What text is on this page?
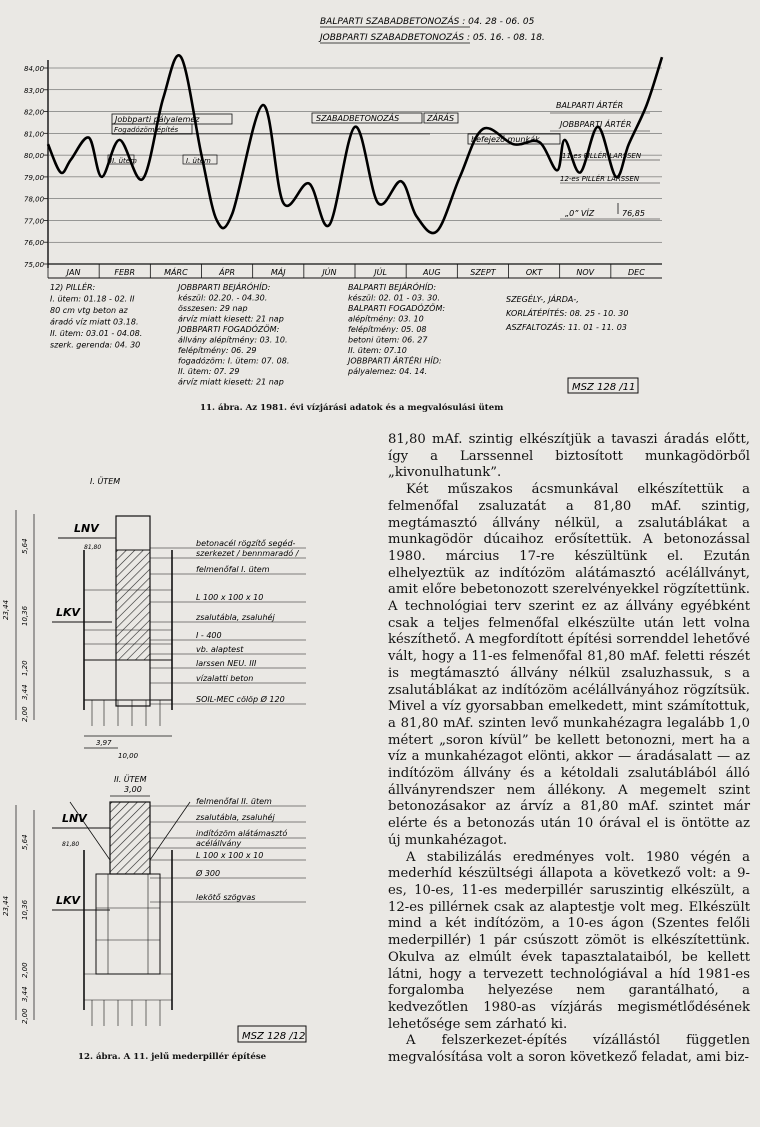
BALPARTI SZABADBETONOZÁS : 04. 28 - 06. 05
JOBBPARTI SZABADBETONOZÁS : 05. 16. - 08. 18.
84,00
83,00
82,00
81,00
80,00
79,00
78,00
77,00
76,00
75,00
JAN	FEBR	MÁRC	ÁPR	MÁJ	JÚN	JÚL	AUG	SZEPT	OKT	NOV	DEC
Jobbparti pályalemez
Fogadózöm építés
SZABADBETONOZÁS	ZÁRÁS
befejező munkák
BALPARTI ÁRTÉR
JOBBPARTI ÁRTÉR
II. ütem	I. ütem
11-es PILLÉR LARSSEN
12-es PILLÉR LARSSEN
„0” VÍZ	76,85
12) PILLÉR:
I. ütem: 01.18 - 02. II
80 cm vtg beton az
áradó víz miatt 03.18.
II. ütem: 03.01 - 04.08.
szerk. gerenda: 04. 30
JOBBPARTI BEJÁRÓHÍD:
készül: 02.20. - 04.30.
összesen: 29 nap
árvíz miatt kiesett: 21 nap
JOBBPARTI FOGADÓZÖM:
állvány alépítmény: 03. 10.
felépítmény: 06. 29
fogadózöm: I. ütem: 07. 08.
II. ütem: 07. 29
árvíz miatt kiesett: 21 nap
BALPARTI BEJÁRÓHÍD:
készül: 02. 01 - 03. 30.
BALPARTI FOGADÓZÖM:
alépítmény: 03. 10
felépítmény: 05. 08
betoni ütem: 06. 27
II. ütem: 07.10
JOBBPARTI ÁRTÉRI HÍD:
pályalemez: 04. 14.
SZEGÉLY-, JÁRDA-,
KORLÁTÉPÍTÉS: 08. 25 - 10. 30
ASZFALTOZÁS: 11. 01 - 11. 03
MSZ 128 /11
11. ábra. Az 1981. évi vízjárási adatok és a megvalósulási ütem
I. ÜTEM
LNV
LKV
81,80
3,97
10,00
5,64
10,36
23,44
1,20
3,44
2,00
betonacél rögzítő segéd-
szerkezet / bennmaradó /
felmenőfal I. ütem
L 100 x 100 x 10
zsalutábla, zsaluhéj
I - 400
vb. alaptest
larssen NEU. III
vízalatti beton
SOIL-MEC cölöp Ø 120
II. ÜTEM
3,00
LNV
81,80
LKV
5,64
10,36
23,44
2,00
3,44
2,00
felmenőfal II. ütem
zsalutábla, zsaluhéj
indítózöm alátámasztó
acélállvány
L 100 x 100 x 10
Ø 300
lekötő szögvas
MSZ 128 /12
12. ábra. A 11. jelű mederpillér építése

81,80 mAf. szintig elkészítjük a tavaszi áradás előtt, így a Larssennel biztosított munkagödörből „kivonulhatunk”.

Két műszakos ácsmunkával elkészítettük a felmenőfal zsaluzatát a 81,80 mAf. szintig, megtámasztó állvány nélkül, a zsalutáblákat a munkagödör dúcaihoz erősítettük. A betonozással 1980. március 17-re készültünk el. Ezután elhelyeztük az indítózöm alátámasztó acélállványt, amit előre bebetonozott szerelvényekkel rögzítettünk. A technológiai terv szerint ez az állvány egyébként csak a teljes felmenőfal elkészülte után lett volna készíthető. A megfordított építési sorrenddel lehetővé vált, hogy a 11-es felmenőfal 81,80 mAf. feletti részét is megtámasztó állvány nélkül zsaluzhassuk, s a zsalutáblákat az indítózöm acélállványához rögzítsük. Mivel a víz gyorsabban emelkedett, mint számítottuk, a 81,80 mAf. szinten levő munkahézagra legalább 1,0 métert „soron kívül” be kellett betonozni, mert ha a víz a munkahézagot elönti, akkor — áradásalatt — az indítózöm állvány és a kétoldali zsalutáblából álló állványrendszer nem állékony. A megemelt szint betonozásakor az árvíz a 81,80 mAf. szintet már elérte és a betonozás után 10 órával el is öntötte az új munkahézagot.

A stabilizálás eredményes volt. 1980 végén a mederhíd készültségi állapota a következő volt: a 9-es, 10-es, 11-es mederpillér saruszintig elkészült, a 12-es pillérnek csak az alaptestje volt meg. Elkészült mind a két indítózöm, a 10-es ágon (Szentes felőli mederpillér) 1 pár csúszott zömöt is elkészítettünk. Okulva az elmúlt évek tapasztalataiból, be kellett látni, hogy a tervezett technológiával a híd 1981-es forgalomba helyezése nem garantálható, a kedvezőtlen 1980-as vízjárás megismétlődésének lehetősége sem zárható ki.

A felszerkezet-építés vízállástól független megvalósítása volt a soron következő feladat, ami biz-
